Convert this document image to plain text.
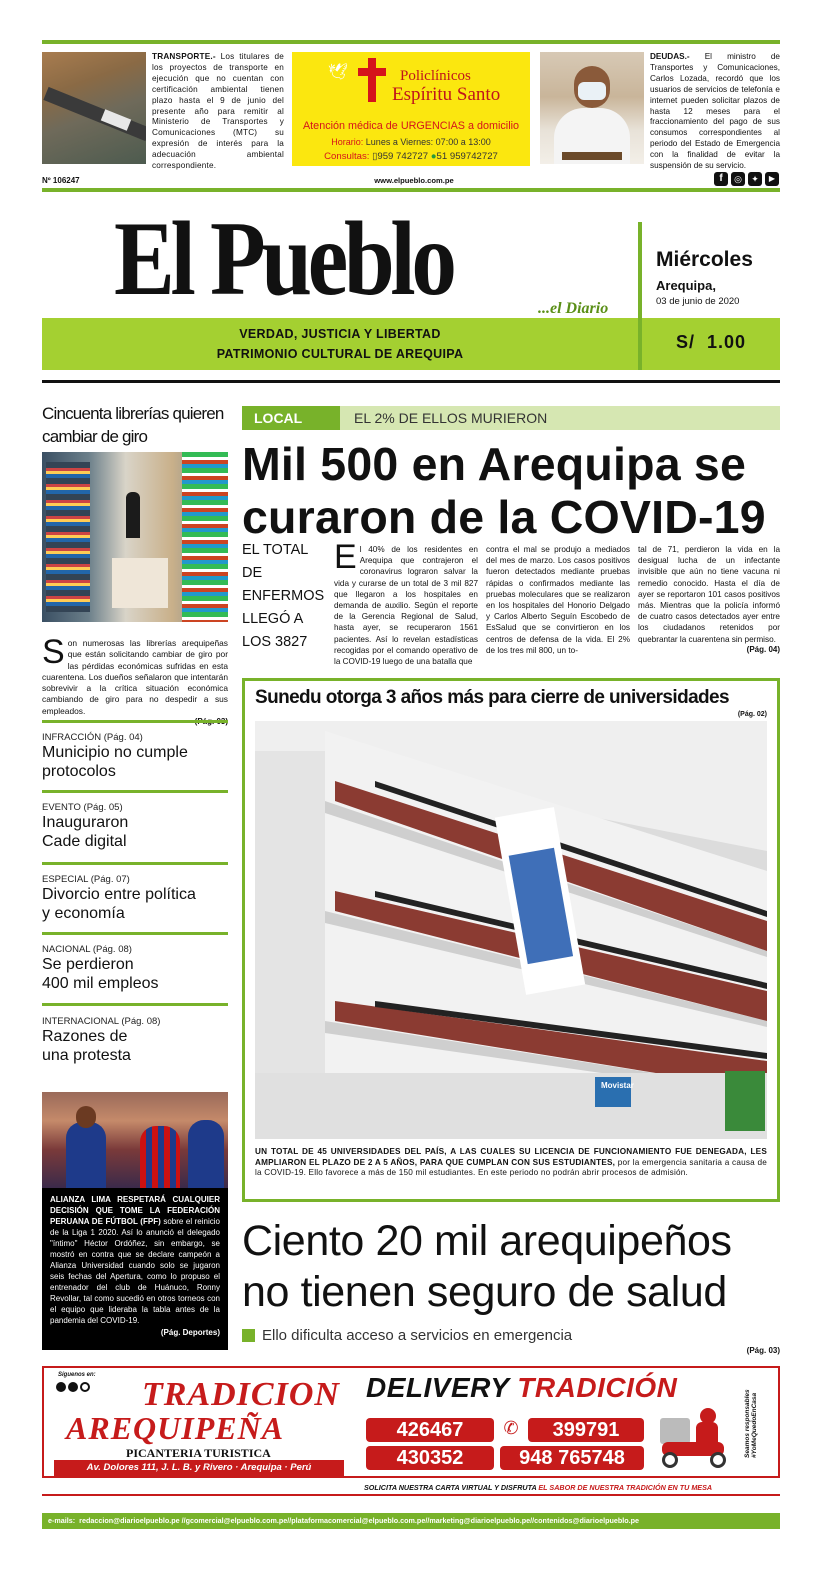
TRANSPORTE.- Los titulares de los proyectos de transporte en ejecución que no cuentan con certificación ambiental tienen plazo hasta el 9 de junio del presente año para remitir al Ministerio de Transportes y Comunicaciones (MTC) su expresión de interés para la adecuación ambiental correspondiente.
🕊	Policlínicos
Espíritu Santo
Atención médica de URGENCIAS a domicilio
Horario: Lunes a Viernes: 07:00 a 13:00
Consultas: ▯959 742727 ●51 959742727
DEUDAS.- El ministro de Transportes y Comunicaciones, Carlos Lozada, recordó que los usuarios de servicios de telefonía e internet pueden solicitar plazos de hasta 12 meses para el fraccionamiento del pago de sus consumos correspondientes al periodo del Estado de Emergencia con la finalidad de evitar la suspensión de su servicio.
Nº 106247	www.elpueblo.com.pe	f	◎	✦	▶
El Pueblo	...el Diario
Miércoles
Arequipa,
03 de junio de 2020
VERDAD, JUSTICIA Y LIBERTAD
PATRIMONIO CULTURAL DE AREQUIPA
S/  1.00
Cincuenta librerías quieren cambiar de giro
S on numerosas las librerías arequipeñas que están solicitando cambiar de giro por las pérdidas económicas sufridas en esta cuarentena. Los dueños señalaron que intentarán sobrevivir a la crítica situación económica cambiando de giro para no despedir a sus empleados.

INFRACCIÓN (Pág. 04)
Municipio no cumple protocolos
EVENTO (Pág. 05)
Inauguraron Cade digital
ESPECIAL (Pág. 07)
Divorcio entre política y economía
NACIONAL (Pág. 08)
Se perdieron 400 mil empleos
INTERNACIONAL (Pág. 08)
Razones de una protesta

ALIANZA LIMA RESPETARÁ CUALQUIER DECISIÓN QUE TOME LA FEDERACIÓN PERUANA DE FÚTBOL (FPF) sobre el reinicio de la Liga 1 2020. Así lo anunció el delegado "íntimo" Héctor Ordóñez, sin embargo, se mostró en contra que se declare campeón a Alianza Universidad cuando solo se jugaron seis fechas del Apertura, como lo propuso el entrenador del club de Huánuco, Ronny Revollar, tal como sucedió en otros torneos con el equipo que lideraba la tabla antes de la pandemia del COVID-19.

(Pág. Deportes)

LOCAL	EL 2% DE ELLOS MURIERON
Mil 500 en Arequipa se curaron de la COVID-19
EL TOTAL
DE
ENFERMOS
LLEGÓ A
LOS 3827
E l 40% de los residentes en Arequipa que contrajeron el coronavirus lograron salvar la vida y curarse de un total de 3 mil 827 que llegaron a los hospitales en demanda de auxilio. Según el reporte de la Gerencia Regional de Salud, hasta ayer, se recuperaron 1561 pacientes. Así lo revelan estadísticas recogidas por el comando operativo de la COVID-19 luego de una batalla que

contra el mal se produjo a mediados del mes de marzo. Los casos positivos fueron detectados mediante pruebas rápidas o confirmados mediante las pruebas moleculares que se realizaron en los hospitales del Honorio Delgado y Carlos Alberto Seguín Escobedo de EsSalud que se convirtieron en los centros de defensa de la vida. El 2% de los tres mil 800, un to-

tal de 71, perdieron la vida en la desigual lucha de un infectante invisible que aún no tiene vacuna ni remedio conocido. Hasta el día de ayer se reportaron 101 casos positivos más. Mientras que la policía informó de cuatro casos detectados ayer entre los ciudadanos retenidos por quebrantar la cuarentena sin permiso.

(Pág. 04)

Sunedu otorga 3 años más para cierre de universidades
(Pág. 02)
Movistar

UN TOTAL DE 45 UNIVERSIDADES DEL PAÍS, A LAS CUALES SU LICENCIA DE FUNCIONAMIENTO FUE DENEGADA, LES AMPLIARON EL PLAZO DE 2 A 5 AÑOS, PARA QUE CUMPLAN CON SUS ESTUDIANTES, por la emergencia sanitaria a causa de la COVID-19. Ello favorece a más de 150 mil estudiantes. En este periodo no podrán abrir procesos de admisión.

Ciento 20 mil arequipeños no tienen seguro de salud
Ello dificulta acceso a servicios en emergencia
(Pág. 03)
Síguenos en:
TRADICION
AREQUIPEÑA
PICANTERIA TURISTICA
Av. Dolores 111, J. L. B. y Rivero · Arequipa · Perú
DELIVERY TRADICIÓN
426467	✆	399791
430352	948 765748	Seamos responsables #YoMeQuedoEnCasa
SOLICITA NUESTRA CARTA VIRTUAL Y DISFRUTA EL SABOR DE NUESTRA TRADICIÓN EN TU MESA
e-mails: redaccion@diarioelpueblo.pe //gcomercial@elpueblo.com.pe//plataformacomercial@elpueblo.com.pe//marketing@diarioelpueblo.pe//contenidos@diarioelpueblo.pe
